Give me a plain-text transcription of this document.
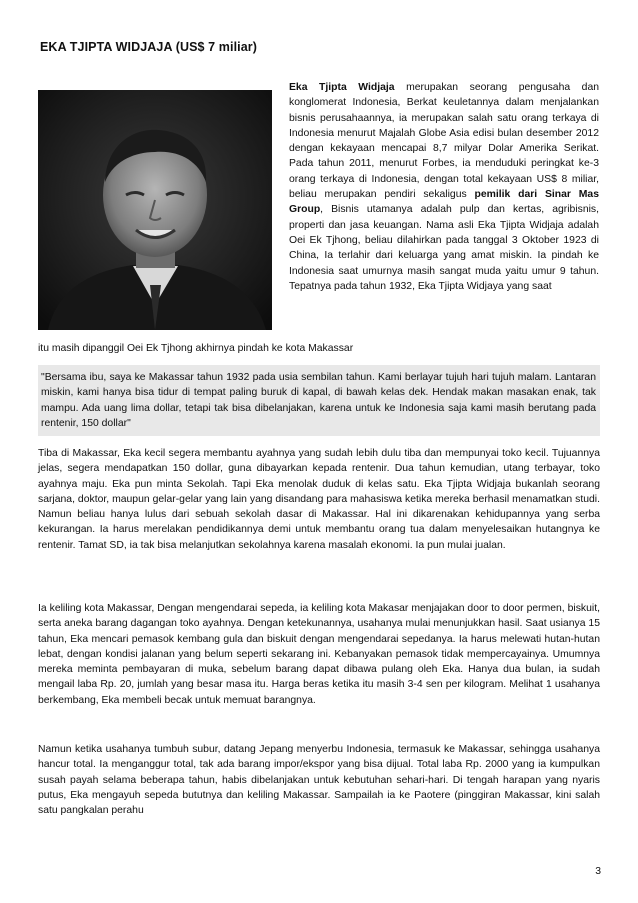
EKA TJIPTA WIDJAJA (US$ 7 miliar)
Eka Tjipta Widjaja merupakan seorang pengusaha dan konglomerat Indonesia, Berkat keuletannya dalam menjalankan bisnis perusahaannya, ia merupakan salah satu orang terkaya di Indonesia menurut Majalah Globe Asia edisi bulan desember 2012 dengan kekayaan mencapai 8,7 milyar Dolar Amerika Serikat. Pada tahun 2011, menurut Forbes, ia menduduki peringkat ke-3 orang terkaya di Indonesia, dengan total kekayaan US$ 8 miliar, beliau merupakan pendiri sekaligus pemilik dari Sinar Mas Group, Bisnis utamanya adalah pulp dan kertas, agribisnis, properti dan jasa keuangan. Nama asli Eka Tjipta Widjaja adalah Oei Ek Tjhong, beliau dilahirkan pada tanggal 3 Oktober 1923 di China, Ia terlahir dari keluarga yang amat miskin. Ia pindah ke Indonesia saat umurnya masih sangat muda yaitu umur 9 tahun. Tepatnya pada tahun 1932, Eka Tjipta Widjaya yang saat
itu masih dipanggil Oei Ek Tjhong akhirnya pindah ke kota Makassar
"Bersama ibu, saya ke Makassar tahun 1932 pada usia sembilan tahun. Kami berlayar tujuh hari tujuh malam. Lantaran miskin, kami hanya bisa tidur di tempat paling buruk di kapal, di bawah kelas dek. Hendak makan masakan enak, tak mampu. Ada uang lima dollar, tetapi tak bisa dibelanjakan, karena untuk ke Indonesia saja kami masih berutang pada rentenir, 150 dollar"
Tiba di Makassar, Eka kecil segera membantu ayahnya yang sudah lebih dulu tiba dan mempunyai toko kecil. Tujuannya jelas, segera mendapatkan 150 dollar, guna dibayarkan kepada rentenir. Dua tahun kemudian, utang terbayar, toko ayahnya maju. Eka pun minta Sekolah. Tapi Eka menolak duduk di kelas satu. Eka Tjipta Widjaja bukanlah seorang sarjana, doktor, maupun gelar-gelar yang lain yang disandang para mahasiswa ketika mereka berhasil menamatkan studi. Namun beliau hanya lulus dari sebuah sekolah dasar di Makassar. Hal ini dikarenakan kehidupannya yang serba kekurangan. Ia harus merelakan pendidikannya demi untuk membantu orang tua dalam menyelesaikan hutangnya ke rentenir. Tamat SD, ia tak bisa melanjutkan sekolahnya karena masalah ekonomi. Ia pun mulai jualan.
Ia keliling kota Makassar, Dengan mengendarai sepeda, ia keliling kota Makasar menjajakan door to door permen, biskuit, serta aneka barang dagangan toko ayahnya. Dengan ketekunannya, usahanya mulai menunjukkan hasil. Saat usianya 15 tahun, Eka mencari pemasok kembang gula dan biskuit dengan mengendarai sepedanya. Ia harus melewati hutan-hutan lebat, dengan kondisi jalanan yang belum seperti sekarang ini. Kebanyakan pemasok tidak mempercayainya. Umumnya mereka meminta pembayaran di muka, sebelum barang dapat dibawa pulang oleh Eka. Hanya dua bulan, ia sudah mengail laba Rp. 20, jumlah yang besar masa itu. Harga beras ketika itu masih 3-4 sen per kilogram. Melihat 1 usahanya berkembang, Eka membeli becak untuk memuat barangnya.
Namun ketika usahanya tumbuh subur, datang Jepang menyerbu Indonesia, termasuk ke Makassar, sehingga usahanya hancur total. Ia menganggur total, tak ada barang impor/ekspor yang bisa dijual. Total laba Rp. 2000 yang ia kumpulkan susah payah selama beberapa tahun, habis dibelanjakan untuk kebutuhan sehari-hari. Di tengah harapan yang nyaris putus, Eka mengayuh sepeda bututnya dan keliling Makassar. Sampailah ia ke Paotere (pinggiran Makassar, kini salah satu pangkalan perahu
3
